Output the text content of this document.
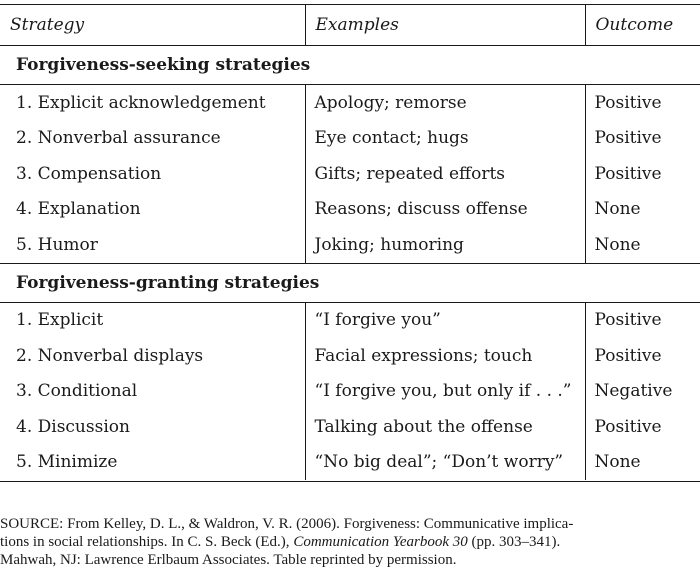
Strategy	Examples	Outcome
Forgiveness-seeking strategies		
1. Explicit acknowledgement	Apology; remorse	Positive
2. Nonverbal assurance	Eye contact; hugs	Positive
3. Compensation	Gifts; repeated efforts	Positive
4. Explanation	Reasons; discuss offense	None
5. Humor	Joking; humoring	None
Forgiveness-granting strategies		
1. Explicit	“I forgive you”	Positive
2. Nonverbal displays	Facial expressions; touch	Positive
3. Conditional	“I forgive you, but only if . . .”	Negative
4. Discussion	Talking about the offense	Positive
5. Minimize	“No big deal”; “Don’t worry”	None
SOURCE: From Kelley, D. L., & Waldron, V. R. (2006). Forgiveness: Communicative implica-
tions in social relationships. In C. S. Beck (Ed.), Communication Yearbook 30 (pp. 303–341).
Mahwah, NJ: Lawrence Erlbaum Associates. Table reprinted by permission.
